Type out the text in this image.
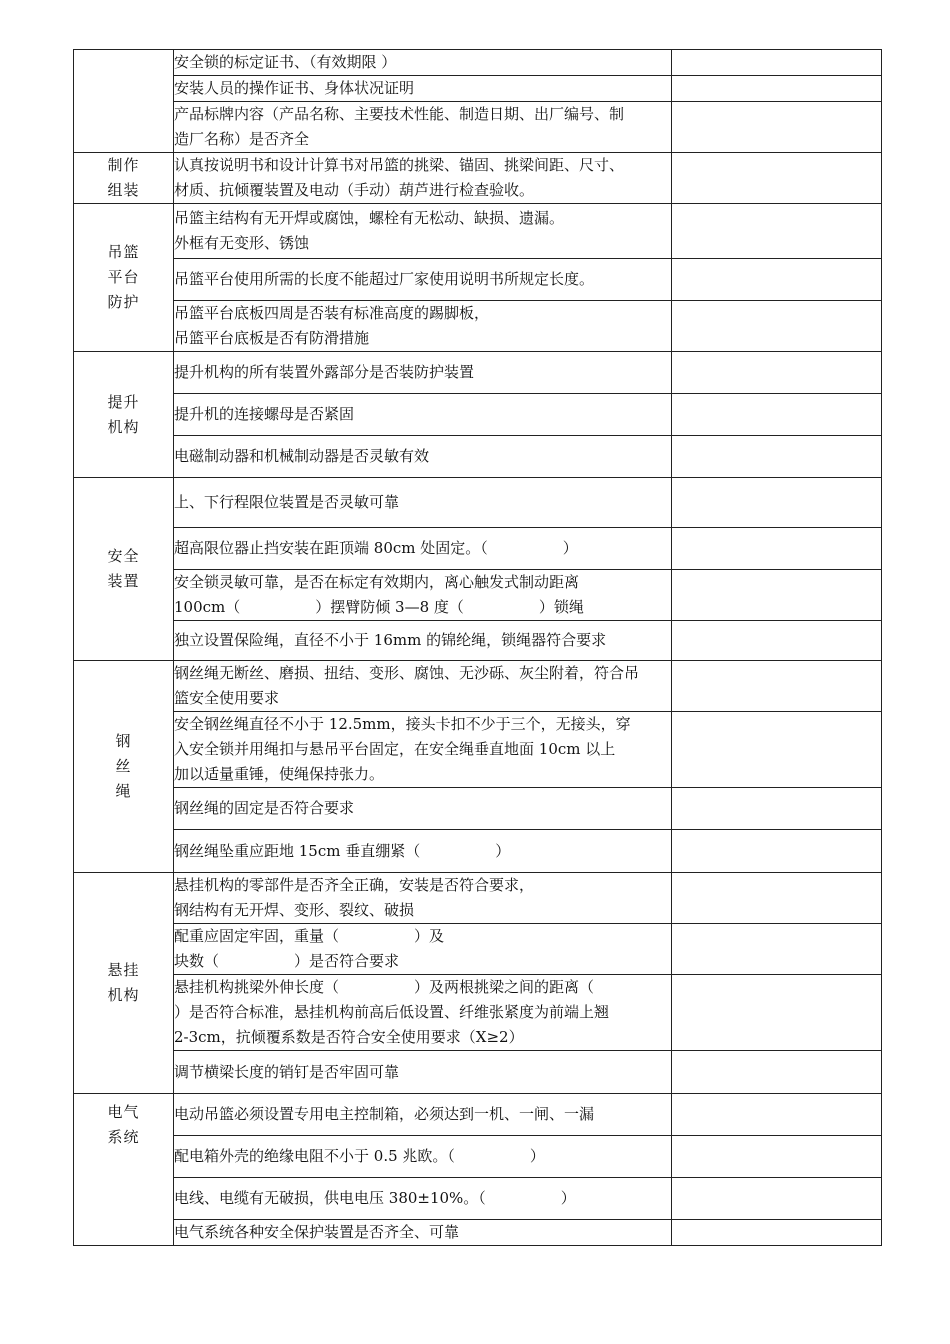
	安全锁的标定证书、（有效期限 ）	

	安装人员的操作证书、身体状况证明	

	产品标牌内容（产品名称、主要技术性能、制造日期、出厂编号、制
造厂名称）是否齐全	

制作
组装	认真按说明书和设计计算书对吊篮的挑梁、锚固、挑梁间距、尺寸、
材质、抗倾覆装置及电动（手动）葫芦进行检查验收。	

吊篮
平台
防护	吊篮主结构有无开焊或腐蚀，螺栓有无松动、缺损、遗漏。
外框有无变形、锈蚀	

	吊篮平台使用所需的长度不能超过厂家使用说明书所规定长度。	

	吊篮平台底板四周是否装有标准高度的踢脚板，
吊篮平台底板是否有防滑措施	

提升
机构	提升机构的所有装置外露部分是否装防护装置	

	提升机的连接螺母是否紧固	

	电磁制动器和机械制动器是否灵敏有效	

安全
装置	上、下行程限位装置是否灵敏可靠	

	超高限位器止挡安装在距顶端 80cm 处固定。（　　　　　）	

	安全锁灵敏可靠，是否在标定有效期内，离心触发式制动距离
100cm（　　　　　）摆臂防倾 3—8 度（　　　　　）锁绳	

	独立设置保险绳，直径不小于 16mm 的锦纶绳，锁绳器符合要求	

钢
丝
绳	钢丝绳无断丝、磨损、扭结、变形、腐蚀、无沙砾、灰尘附着，符合吊
篮安全使用要求	

	安全钢丝绳直径不小于 12.5mm，接头卡扣不少于三个，无接头，穿
入安全锁并用绳扣与悬吊平台固定，在安全绳垂直地面 10cm 以上
加以适量重锤，使绳保持张力。	

	钢丝绳的固定是否符合要求	

	钢丝绳坠重应距地 15cm 垂直绷紧（　　　　　）	

悬挂
机构	悬挂机构的零部件是否齐全正确，安装是否符合要求，
钢结构有无开焊、变形、裂纹、破损	

	配重应固定牢固，重量（　　　　　）及
块数（　　　　　）是否符合要求	

	悬挂机构挑梁外伸长度（　　　　　）及两根挑梁之间的距离（
）是否符合标准，悬挂机构前高后低设置、纤维张紧度为前端上翘
2-3cm，抗倾覆系数是否符合安全使用要求（X≥2）	

	调节横梁长度的销钉是否牢固可靠	

电气
系统	电动吊篮必须设置专用电主控制箱，必须达到一机、一闸、一漏	

	配电箱外壳的绝缘电阻不小于 0.5 兆欧。（　　　　　）	

	电线、电缆有无破损，供电电压 380±10%。（　　　　　）	

	电气系统各种安全保护装置是否齐全、可靠	
